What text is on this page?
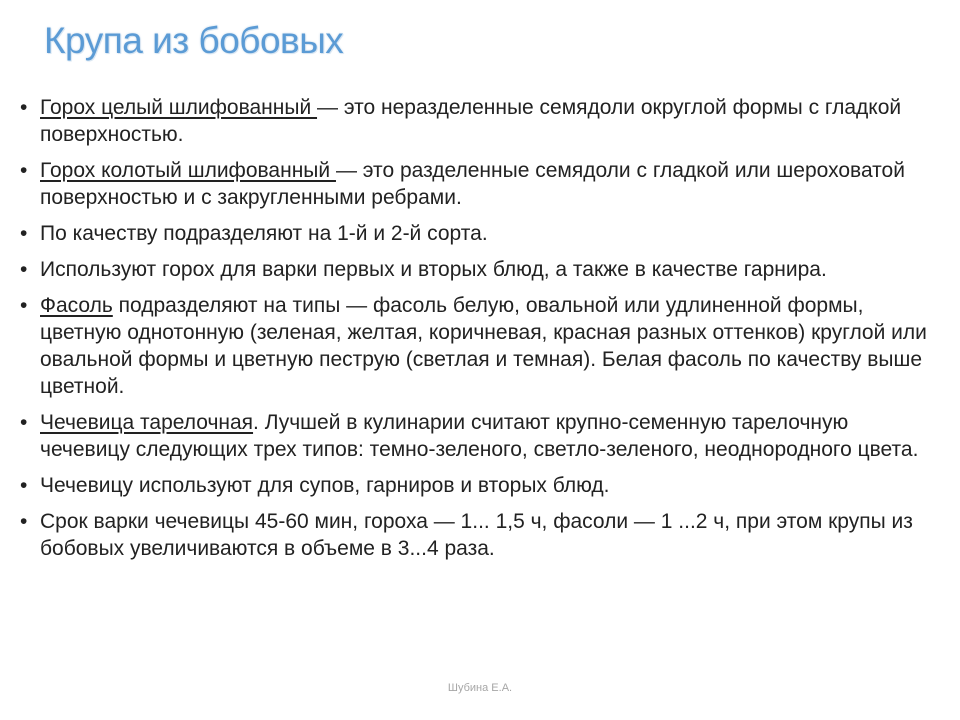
Крупа из бобовых
• Горох целый шлифованный — это неразделенные семядоли округлой формы с гладкой поверхностью.
• Горох колотый шлифованный — это разделенные семядоли с гладкой или шероховатой поверхностью и с закругленными ребрами.
• По качеству подразделяют на 1-й и 2-й сорта.
• Используют горох для варки первых и вторых блюд, а также в качестве гарнира.
• Фасоль подразделяют на типы — фасоль белую, овальной или удлиненной формы, цветную однотонную (зеленая, желтая, коричневая, красная разных оттенков) круглой или овальной формы и цветную пеструю (светлая и темная). Белая фасоль по качеству выше цветной.
• Чечевица тарелочная. Лучшей в кулинарии считают крупно-семенную тарелочную чечевицу следующих трех типов: темно-зеленого, светло-зеленого, неоднородного цвета.
• Чечевицу используют для супов, гарниров и вторых блюд.
• Срок варки чечевицы 45-60 мин, гороха — 1... 1,5 ч, фасоли — 1 ...2 ч, при этом крупы из бобовых увеличиваются в объеме в 3...4 раза.
Шубина Е.А.
